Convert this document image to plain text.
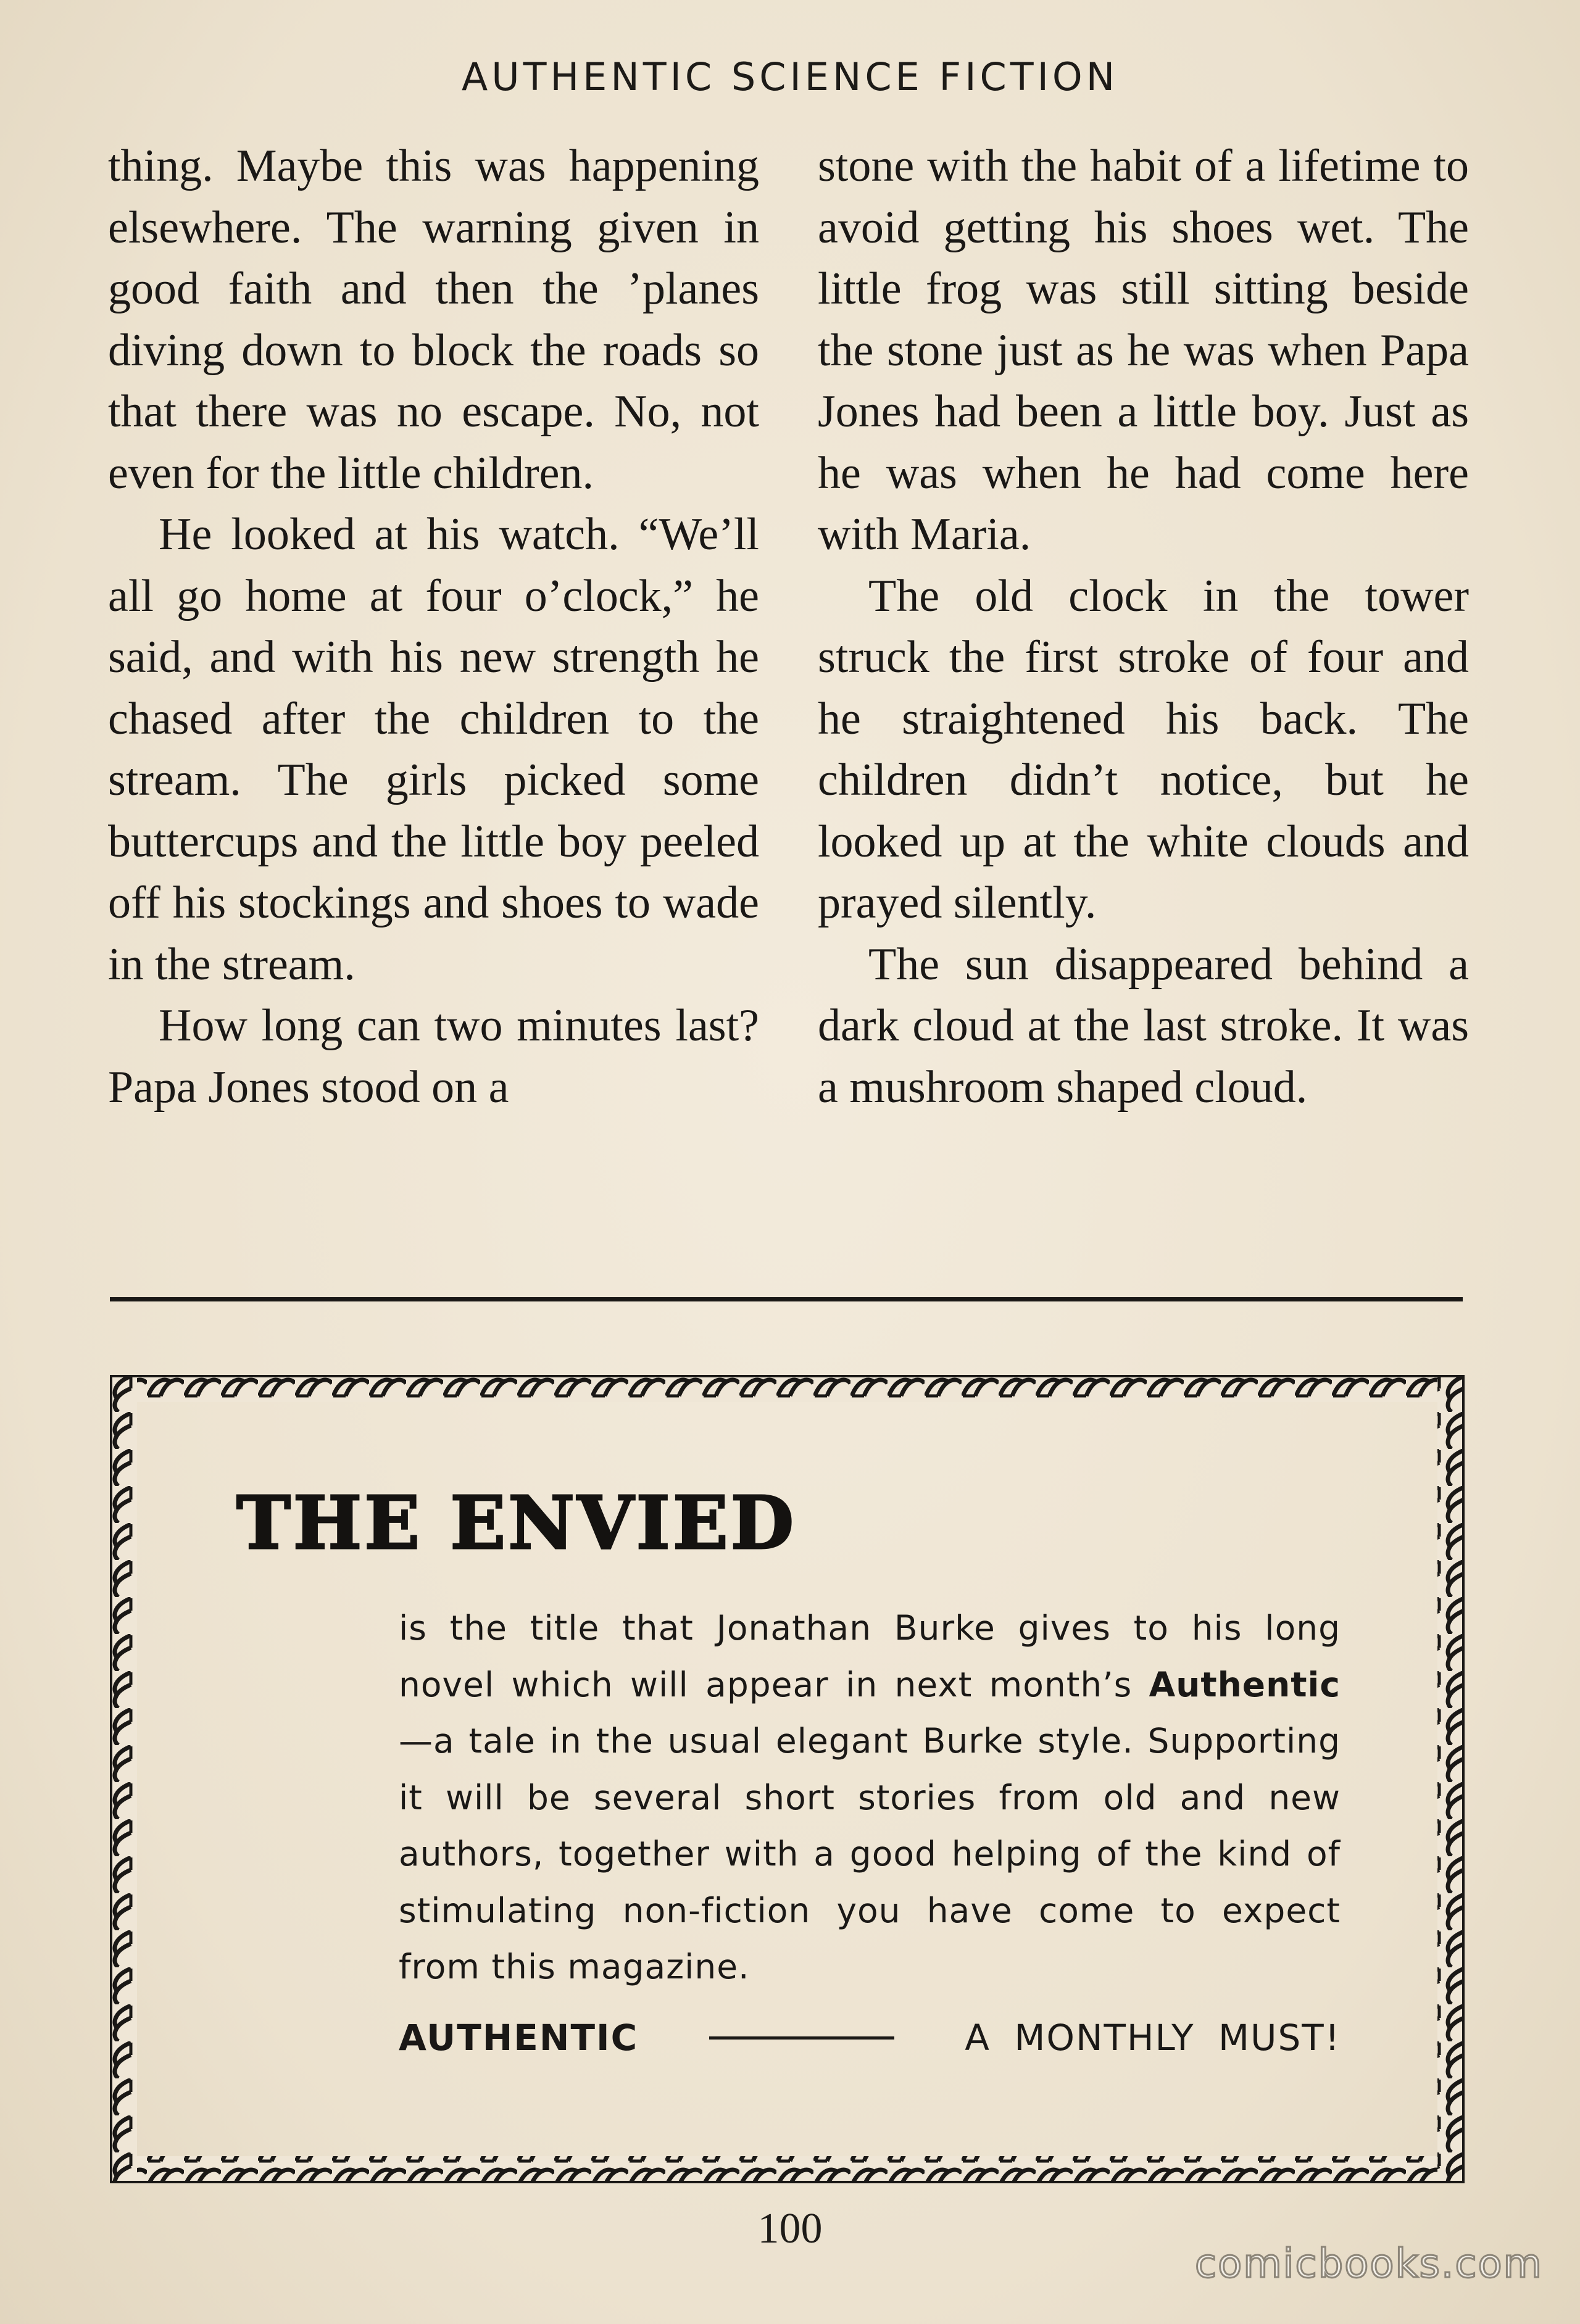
AUTHENTIC SCIENCE FICTION

thing. Maybe this was happening elsewhere. The warning given in good faith and then the ’planes diving down to block the roads so that there was no escape. No, not even for the little children.

He looked at his watch. “We’ll all go home at four o’clock,” he said, and with his new strength he chased after the children to the stream. The girls picked some buttercups and the little boy peeled off his stockings and shoes to wade in the stream.

How long can two minutes last? Papa Jones stood on a

stone with the habit of a lifetime to avoid getting his shoes wet. The little frog was still sitting beside the stone just as he was when Papa Jones had been a little boy. Just as he was when he had come here with Maria.

The old clock in the tower struck the first stroke of four and he straightened his back. The children didn’t notice, but he looked up at the white clouds and prayed silently.

The sun disappeared behind a dark cloud at the last stroke. It was a mushroom shaped cloud.

THE ENVIED
is the title that Jonathan Burke gives to his long novel which will appear in next month’s Authentic —a tale in the usual elegant Burke style. Supporting it will be several short stories from old and new authors, together with a good helping of the kind of stimulating non-fiction you have come to expect from this magazine.
AUTHENTIC	A MONTHLY MUST!
100
comicbooks.com
